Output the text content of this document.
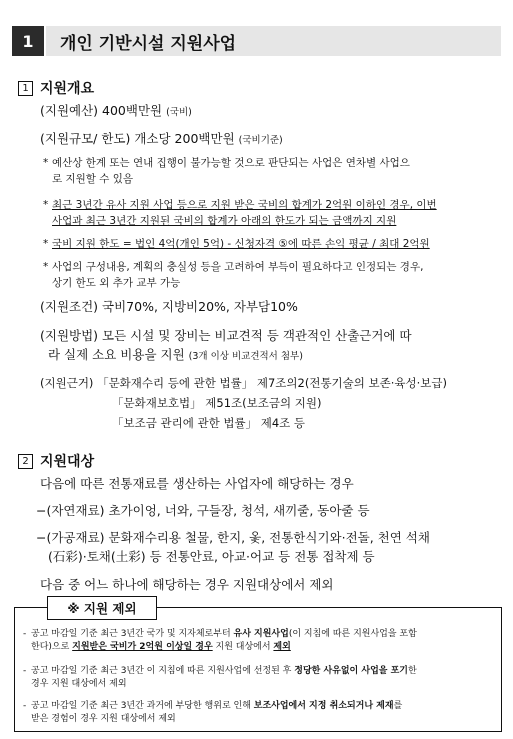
1	개인 기반시설 지원사업
1 지원개요
(지원예산) 400백만원 (국비)
(지원규모/ 한도) 개소당 200백만원 (국비기준)
* 예산상 한계 또는 연내 집행이 불가능할 것으로 판단되는 사업은 연차별 사업으
로 지원할 수 있음
* 최근 3년간 유사 지원 사업 등으로 지원 받은 국비의 합계가 2억원 이하인 경우, 이번
사업과 최근 3년간 지원된 국비의 합계가 아래의 한도가 되는 금액까지 지원
* 국비 지원 한도 = 법인 4억(개인 5억) - 신청자격 ⑤에 따른 손익 평균 / 최대 2억원
* 사업의 구성내용, 계획의 충실성 등을 고려하여 부득이 필요하다고 인정되는 경우,
상기 한도 외 추가 교부 가능
(지원조건) 국비70%, 지방비20%, 자부담10%
(지원방법) 모든 시설 및 장비는 비교견적 등 객관적인 산출근거에 따
라 실제 소요 비용을 지원 (3개 이상 비교견적서 첨부)
(지원근거) 「문화재수리 등에 관한 법률」 제7조의2(전통기술의 보존·육성·보급)
「문화재보호법」 제51조(보조금의 지원)
「보조금 관리에 관한 법률」 제4조 등
2 지원대상
다음에 따른 전통재료를 생산하는 사업자에 해당하는 경우
−(자연재료) 초가이엉, 너와, 구들장, 청석, 새끼줄, 동아줄 등
−(가공재료) 문화재수리용 철물, 한지, 옻, 전통한식기와·전돌, 천연 석채
(石彩)·토채(土彩) 등 전통안료, 아교·어교 등 전통 접착제 등
다음 중 어느 하나에 해당하는 경우 지원대상에서 제외
※ 지원 제외
- 공고 마감일 기준 최근 3년간 국가 및 지자체로부터 유사 지원사업(이 지침에 따른 지원사업을 포함
한다)으로 지원받은 국비가 2억원 이상일 경우 지원 대상에서 제외
- 공고 마감일 기준 최근 3년간 이 지침에 따른 지원사업에 선정된 후 정당한 사유없이 사업을 포기한
경우 지원 대상에서 제외
- 공고 마감일 기준 최근 3년간 과거에 부당한 행위로 인해 보조사업에서 지정 취소되거나 제재를
받은 경험이 경우 지원 대상에서 제외
